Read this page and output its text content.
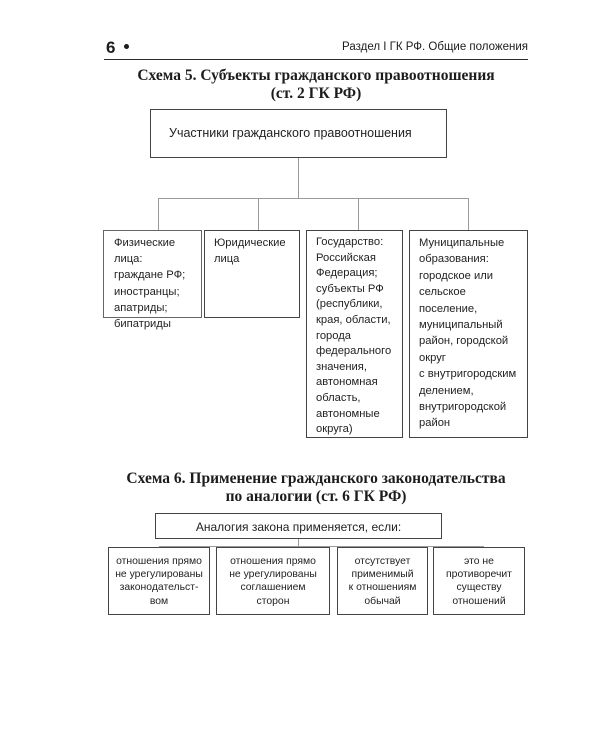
6	Раздел I ГК РФ. Общие положения
Схема 5. Субъекты гражданского правоотношения
(ст. 2 ГК РФ)
Участники гражданского правоотношения
Физические
лица:
граждане РФ;
иностранцы;
апатриды;
бипатриды
Юридические
лица
Государство:
Российская
Федерация;
субъекты РФ
(республики,
края, области,
города
федерального
значения,
автономная
область,
автономные
округа)
Муниципальные
образования:
городское или
сельское
поселение,
муниципальный
район, городской
округ
с внутригородским
делением,
внутригородской
район
Схема 6. Применение гражданского законодательства
по аналогии (ст. 6 ГК РФ)
Аналогия закона применяется, если:
отношения прямо
не урегулированы
законодательст-
вом
отношения прямо
не урегулированы
соглашением
сторон
отсутствует
применимый
к отношениям
обычай
это не
противоречит
существу
отношений
